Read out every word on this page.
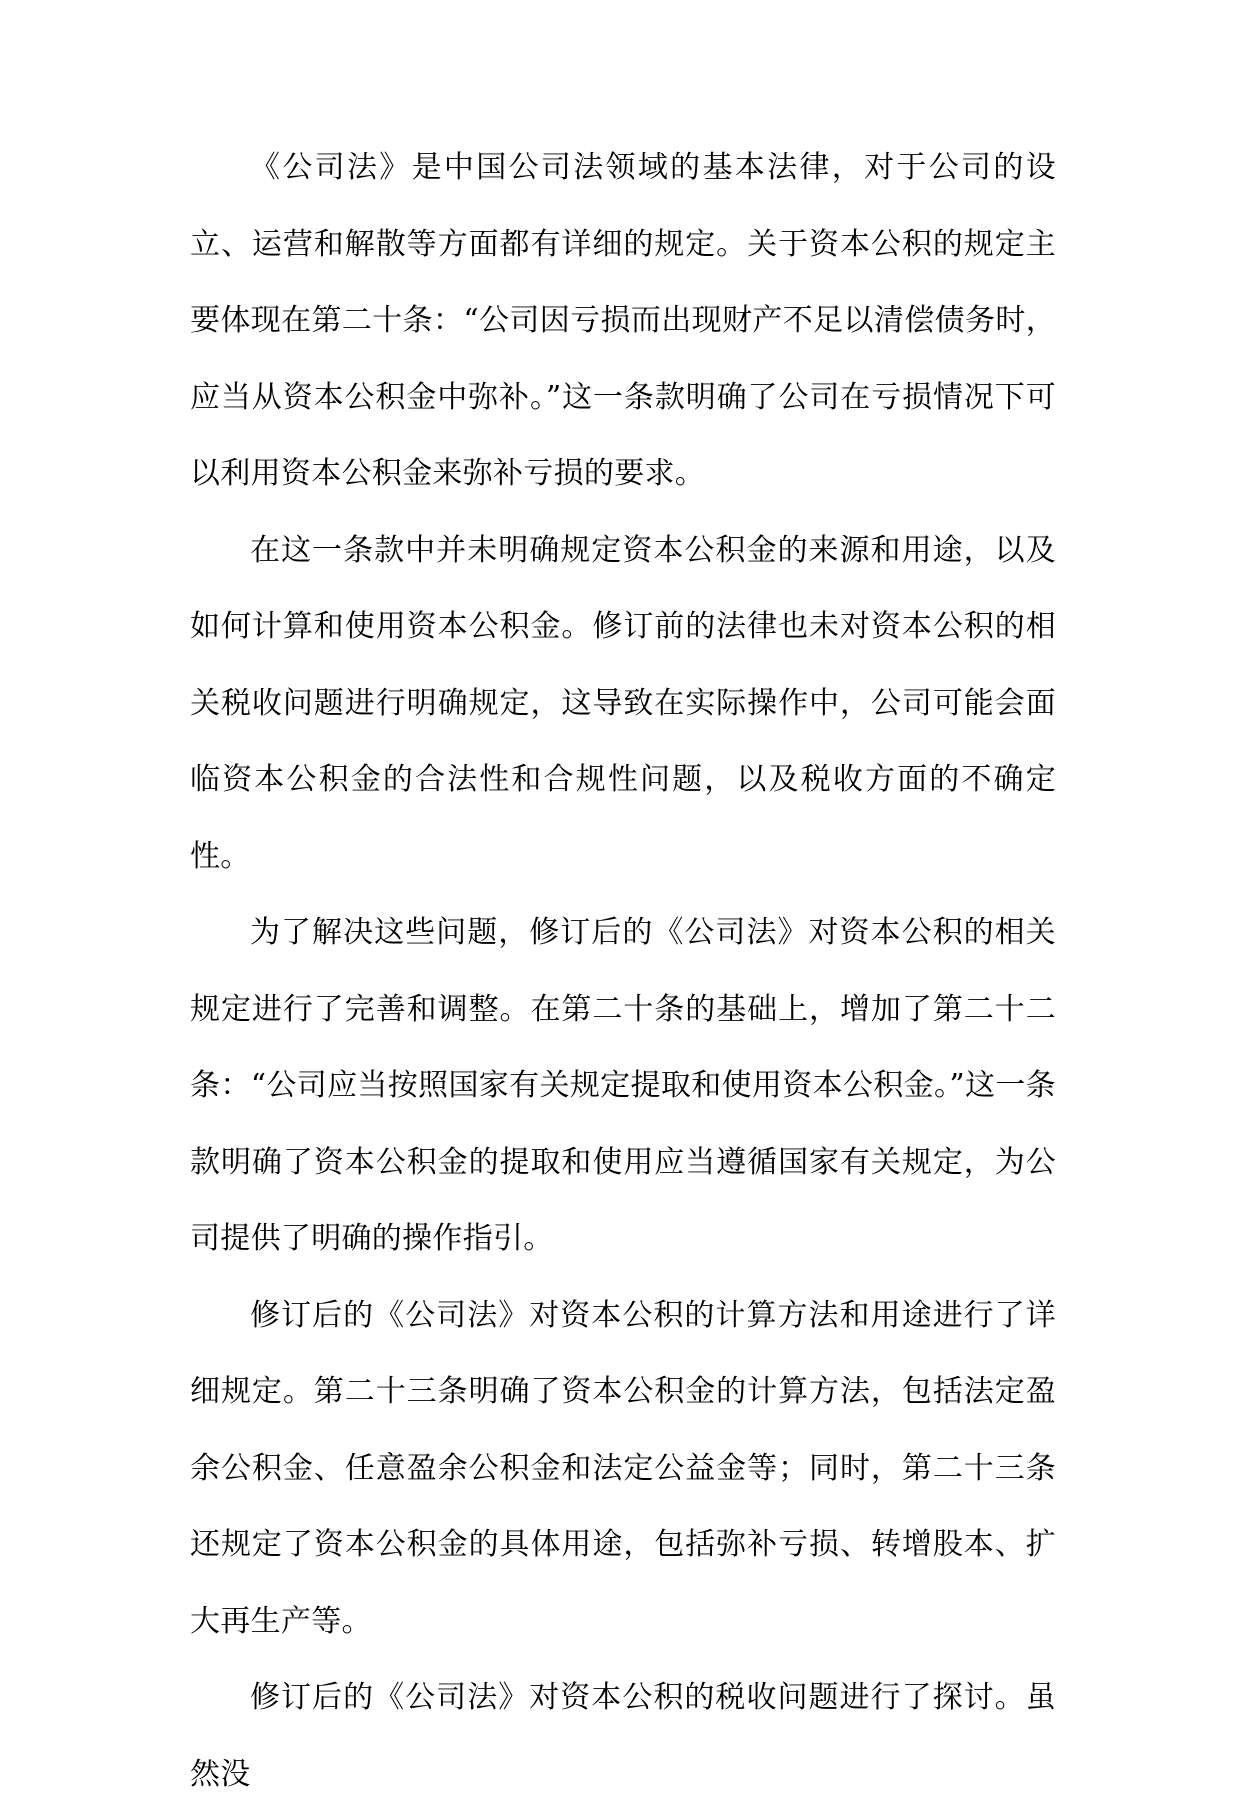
《公司法》是中国公司法领域的基本法律，对于公司的设立、运营和解散等方面都有详细的规定。关于资本公积的规定主要体现在第二十条：“公司因亏损而出现财产不足以清偿债务时，应当从资本公积金中弥补。”这一条款明确了公司在亏损情况下可以利用资本公积金来弥补亏损的要求。

在这一条款中并未明确规定资本公积金的来源和用途，以及如何计算和使用资本公积金。修订前的法律也未对资本公积的相关税收问题进行明确规定，这导致在实际操作中，公司可能会面临资本公积金的合法性和合规性问题，以及税收方面的不确定性。

为了解决这些问题，修订后的《公司法》对资本公积的相关规定进行了完善和调整。在第二十条的基础上，增加了第二十二条：“公司应当按照国家有关规定提取和使用资本公积金。”这一条款明确了资本公积金的提取和使用应当遵循国家有关规定，为公司提供了明确的操作指引。

修订后的《公司法》对资本公积的计算方法和用途进行了详细规定。第二十三条明确了资本公积金的计算方法，包括法定盈余公积金、任意盈余公积金和法定公益金等；同时，第二十三条还规定了资本公积金的具体用途，包括弥补亏损、转增股本、扩大再生产等。

修订后的《公司法》对资本公积的税收问题进行了探讨。虽然没
